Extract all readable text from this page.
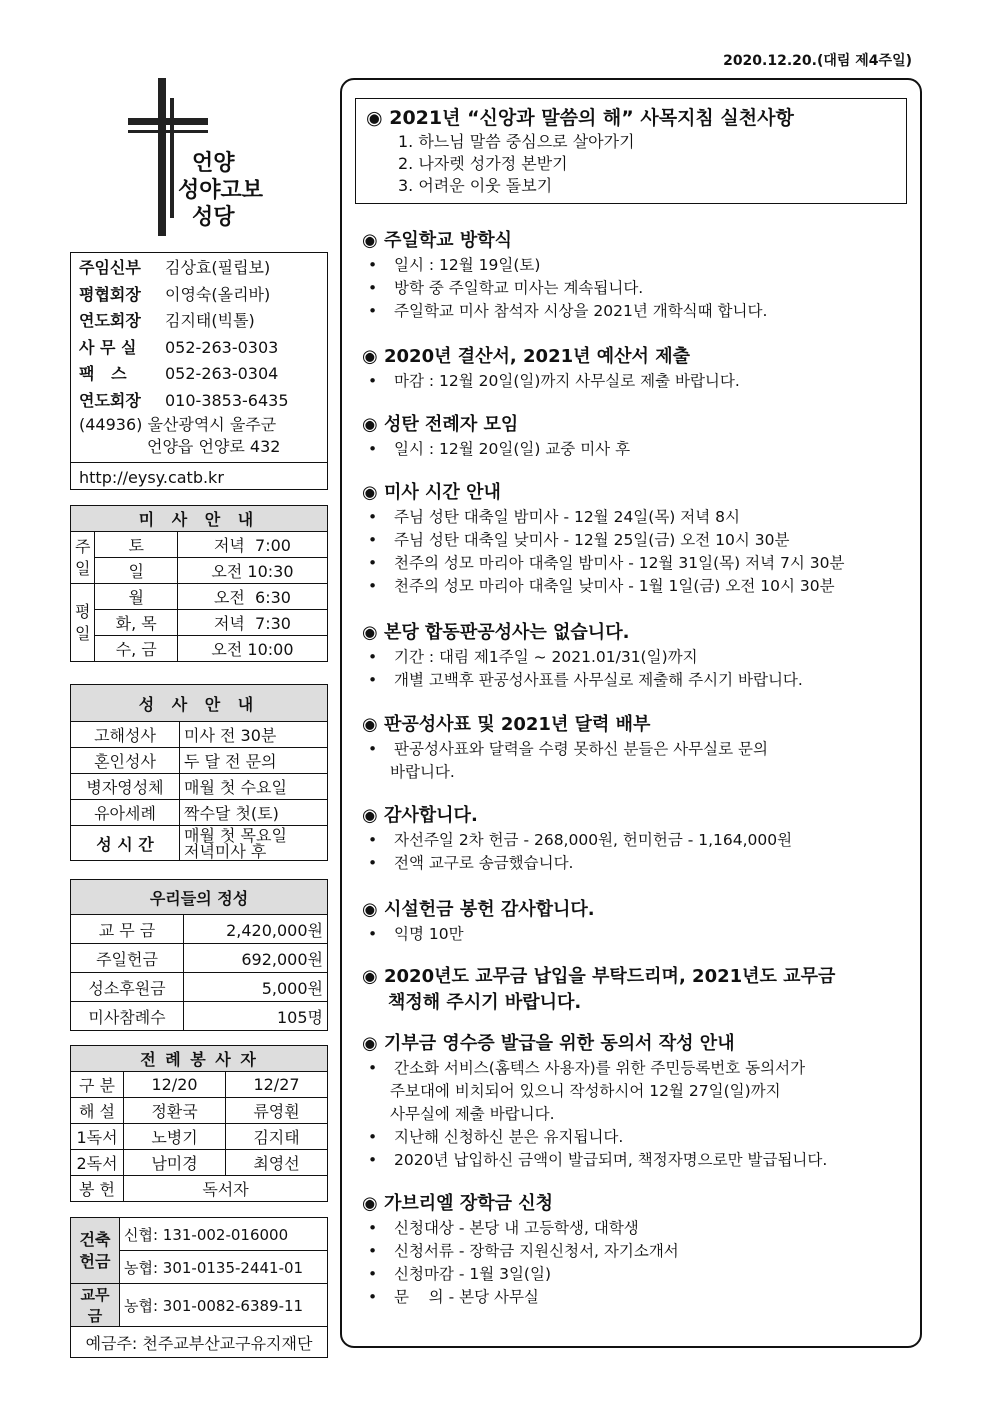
2020.12.20.(대림 제4주일)
언양
성야고보
성당
주임신부	김상효(필립보)
평협회장	이영숙(올리바)
연도회장	김지태(빅톨)
사 무 실	052-263-0303
팩   스	052-263-0304
연도회장	010-3853-6435
(44936) 울산광역시 울주군
언양읍 언양로 432
http://eysy.catb.kr
미 사 안 내		
주
일	토	저녁  7:00
	일	오전 10:30
평
일	월	오전  6:30
	화, 목	저녁  7:30
	수, 금	오전 10:00
성 사 안 내	
고해성사	미사 전 30분
혼인성사	두 달 전 문의
병자영성체	매월 첫 수요일
유아세례	짝수달 첫(토)
성 시 간	매월 첫 목요일
저녁미사 후
우리들의 정성	
교 무 금	2,420,000원
주일헌금	692,000원
성소후원금	5,000원
미사참례수	105명
전 례 봉 사 자		
구 분	12/20	12/27
해 설	정환국	류영훤
1독서	노병기	김지태
2독서	남미경	최영선
봉 헌	독서자	
건축
헌금	신협: 131-002-016000
	농협: 301-0135-2441-01
교무금	농협: 301-0082-6389-11
예금주: 천주교부산교구유지재단	
◉ 2021년 “신앙과 말씀의 해” 사목지침 실천사항
1. 하느님 말씀 중심으로 살아가기
2. 나자렛 성가정 본받기
3. 어려운 이웃 돌보기
◉ 주일학교 방학식
• 일시 : 12월 19일(토)
• 방학 중 주일학교 미사는 계속됩니다.
• 주일학교 미사 참석자 시상을 2021년 개학식때 합니다.
◉ 2020년 결산서, 2021년 예산서 제출
• 마감 : 12월 20일(일)까지 사무실로 제출 바랍니다.
◉ 성탄 전례자 모임
• 일시 : 12월 20일(일) 교중 미사 후
◉ 미사 시간 안내
• 주님 성탄 대축일 밤미사 - 12월 24일(목) 저녁 8시
• 주님 성탄 대축일 낮미사 - 12월 25일(금) 오전 10시 30분
• 천주의 성모 마리아 대축일 밤미사 - 12월 31일(목) 저녁 7시 30분
• 천주의 성모 마리아 대축일 낮미사 - 1월 1일(금) 오전 10시 30분
◉ 본당 합동판공성사는 없습니다.
• 기간 : 대림 제1주일 ~ 2021.01/31(일)까지
• 개별 고백후 판공성사표를 사무실로 제출해 주시기 바랍니다.
◉ 판공성사표 및 2021년 달력 배부
• 판공성사표와 달력을 수령 못하신 분들은 사무실로 문의
바랍니다.
◉ 감사합니다.
• 자선주일 2차 헌금 - 268,000원, 헌미헌금 - 1,164,000원
• 전액 교구로 송금했습니다.
◉ 시설헌금 봉헌 감사합니다.
• 익명 10만
◉ 2020년도 교무금 납입을 부탁드리며, 2021년도 교무금
책정해 주시기 바랍니다.
◉ 기부금 영수증 발급을 위한 동의서 작성 안내
• 간소화 서비스(홈텍스 사용자)를 위한 주민등록번호 동의서가
주보대에 비치되어 있으니 작성하시어 12월 27일(일)까지
사무실에 제출 바랍니다.
• 지난해 신청하신 분은 유지됩니다.
• 2020년 납입하신 금액이 발급되며, 책정자명으로만 발급됩니다.
◉ 가브리엘 장학금 신청
• 신청대상 - 본당 내 고등학생, 대학생
• 신청서류 - 장학금 지원신청서, 자기소개서
• 신청마감 - 1월 3일(일)
• 문    의 - 본당 사무실
